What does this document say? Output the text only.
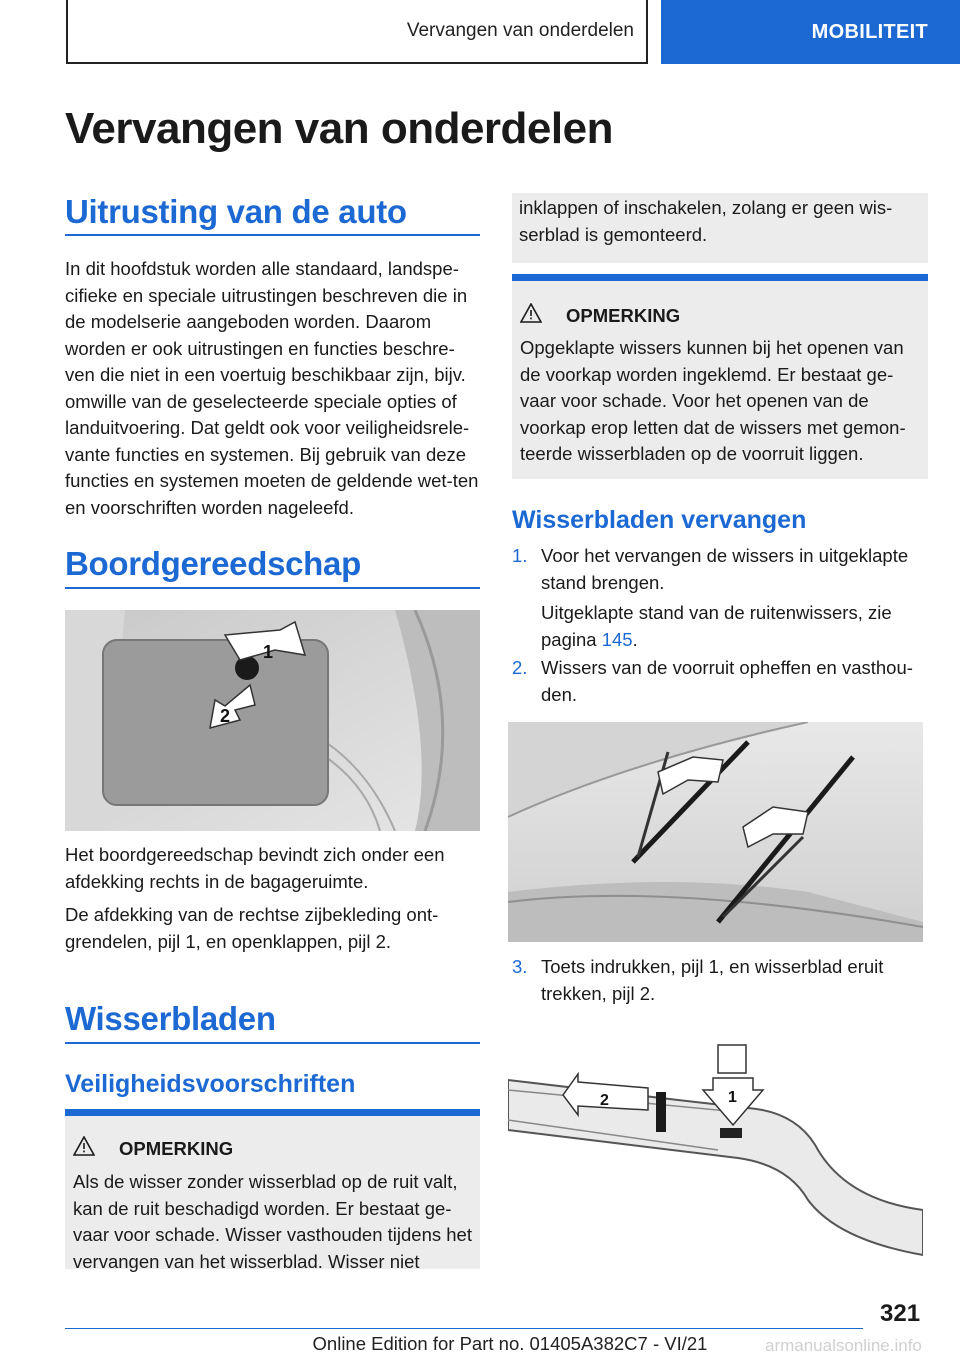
Vervangen van onderdelen	MOBILITEIT
Vervangen van onderdelen
Uitrusting van de auto
In dit hoofdstuk worden alle standaard, landspe-cifieke en speciale uitrustingen beschreven die in de modelserie aangeboden worden. Daarom worden er ook uitrustingen en functies beschre-ven die niet in een voertuig beschikbaar zijn, bijv. omwille van de geselecteerde speciale opties of landuitvoering. Dat geldt ook voor veiligheidsrele-vante functies en systemen. Bij gebruik van deze functies en systemen moeten de geldende wet-ten en voorschriften worden nageleefd.
Boordgereedschap
1
2
Het boordgereedschap bevindt zich onder een afdekking rechts in de bagageruimte.
De afdekking van de rechtse zijbekleding ont-grendelen, pijl 1, en openklappen, pijl 2.
Wisserbladen
Veiligheidsvoorschriften
OPMERKING
Als de wisser zonder wisserblad op de ruit valt, kan de ruit beschadigd worden. Er bestaat ge-vaar voor schade. Wisser vasthouden tijdens het vervangen van het wisserblad. Wisser niet
inklappen of inschakelen, zolang er geen wis-serblad is gemonteerd.
OPMERKING
Opgeklapte wissers kunnen bij het openen van de voorkap worden ingeklemd. Er bestaat ge-vaar voor schade. Voor het openen van de voorkap erop letten dat de wissers met gemon-teerde wisserbladen op de voorruit liggen.
Wisserbladen vervangen
1. Voor het vervangen de wissers in uitgeklapte stand brengen.
Uitgeklapte stand van de ruitenwissers, zie pagina 145.
2. Wissers van de voorruit opheffen en vasthou-den.
3. Toets indrukken, pijl 1, en wisserblad eruit trekken, pijl 2.
2	1
321
Online Edition for Part no. 01405A382C7 - VI/21	armanualsonline.info
